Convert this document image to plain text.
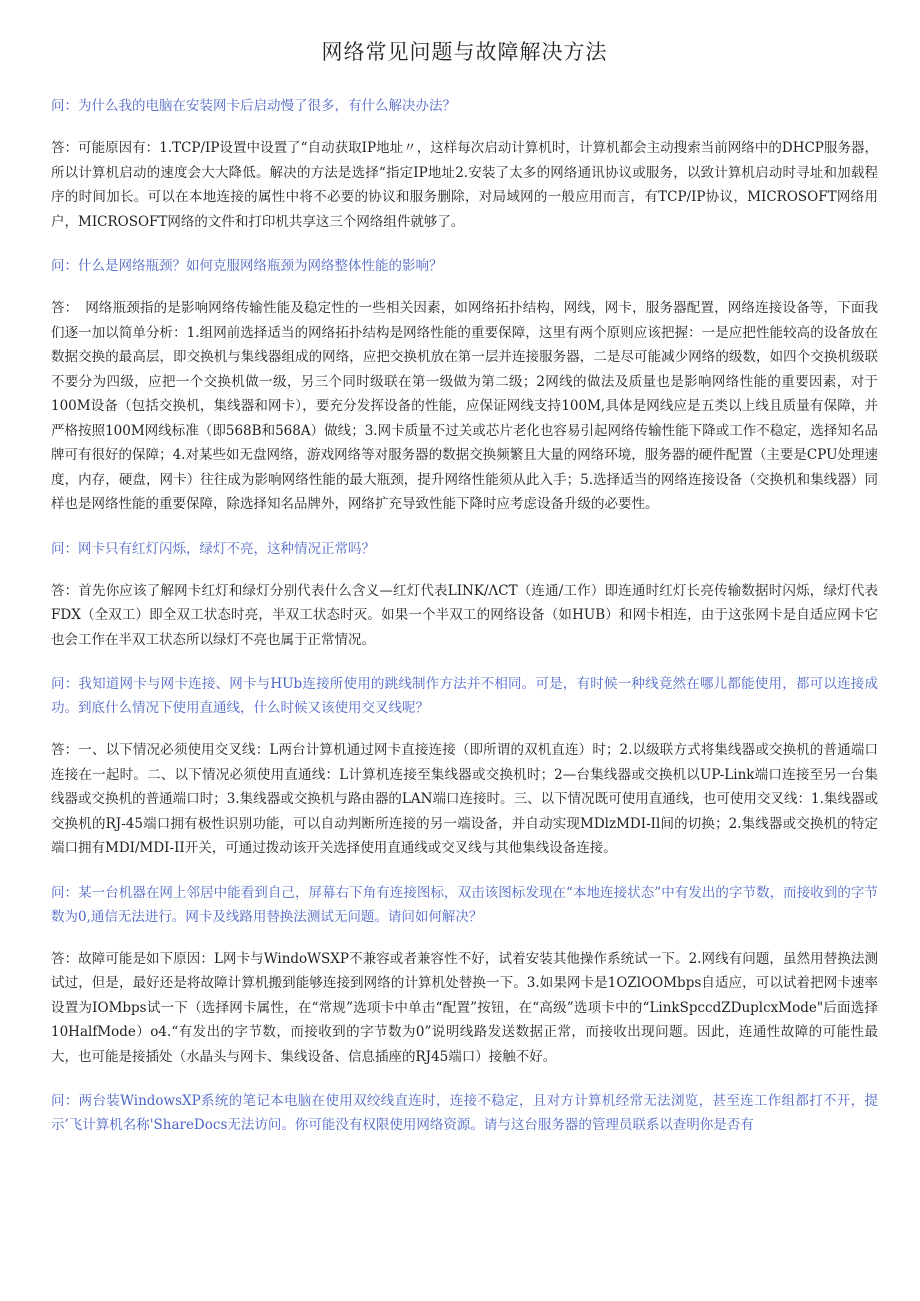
网络常见问题与故障解决方法

问：为什么我的电脑在安装网卡后启动慢了很多，有什么解决办法？

答：可能原因有：1.TCP/IP设置中设置了“自动获取IP地址〃，这样每次启动计算机时，计算机都会主动搜索当前网络中的DHCP服务器，所以计算机启动的速度会大大降低。解决的方法是选择“指定IP地址2.安装了太多的网络通讯协议或服务，以致计算机启动时寻址和加载程序的时间加长。可以在本地连接的属性中将不必要的协议和服务删除，对局域网的一般应用而言，有TCP/IP协议，MICROSOFT网络用户，MICROSOFT网络的文件和打印机共享这三个网络组件就够了。

问：什么是网络瓶颈？如何克服网络瓶颈为网络整体性能的影响？

答：　网络瓶颈指的是影响网络传输性能及稳定性的一些相关因素，如网络拓扑结构，网线，网卡，服务器配置，网络连接设备等，下面我们逐一加以简单分析：1.组网前选择适当的网络拓扑结构是网络性能的重要保障，这里有两个原则应该把握：一是应把性能较高的设备放在数据交换的最高层，即交换机与集线器组成的网络，应把交换机放在第一层并连接服务器，二是尽可能减少网络的级数，如四个交换机级联不要分为四级，应把一个交换机做一级，另三个同时级联在第一级做为第二级；2网线的做法及质量也是影响网络性能的重要因素，对于100M设备（包括交换机，集线器和网卡），要充分发挥设备的性能，应保证网线支持100M,具体是网线应是五类以上线且质量有保障，并严格按照100M网线标准（即568B和568A）做线；3.网卡质量不过关或芯片老化也容易引起网络传输性能下降或工作不稳定，选择知名品牌可有很好的保障；4.对某些如无盘网络，游戏网络等对服务器的数据交换频繁且大量的网络环境，服务器的硬件配置（主要是CPU处理速度，内存，硬盘，网卡）往往成为影响网络性能的最大瓶颈，提升网络性能须从此入手；5.选择适当的网络连接设备（交换机和集线器）同样也是网络性能的重要保障，除选择知名品牌外，网络扩充导致性能下降时应考虑设备升级的必要性。

问：网卡只有红灯闪烁，绿灯不亮，这种情况正常吗？

答：首先你应该了解网卡红灯和绿灯分别代表什么含义—红灯代表LINK/ΛCT（连通/工作）即连通时红灯长亮传输数据时闪烁，绿灯代表FDX（全双工）即全双工状态时亮，半双工状态时灭。如果一个半双工的网络设备（如HUB）和网卡相连，由于这张网卡是自适应网卡它也会工作在半双工状态所以绿灯不亮也属于正常情况。

问：我知道网卡与网卡连接、网卡与HUb连接所使用的跳线制作方法并不相同。可是，有时候一种线竟然在哪儿都能使用，都可以连接成功。到底什么情况下使用直通线，什么时候又该使用交叉线呢？

答：一、以下情况必须使用交叉线：L两台计算机通过网卡直接连接（即所谓的双机直连）时；2.以级联方式将集线器或交换机的普通端口连接在一起时。二、以下情况必须使用直通线：L计算机连接至集线器或交换机时；2—台集线器或交换机以UP-Link端口连接至另一台集线器或交换机的普通端口时；3.集线器或交换机与路由器的LAN端口连接时。三、以下情况既可使用直通线，也可使用交叉线：1.集线器或交换机的RJ-45端口拥有极性识别功能，可以自动判断所连接的另一端设备，并自动实现MDlzMDI-Il间的切换；2.集线器或交换机的特定端口拥有MDI/MDI-II开关，可通过拨动该开关选择使用直通线或交叉线与其他集线设备连接。

问：某一台机器在网上邻居中能看到自己，屏幕右下角有连接图标，双击该图标发现在“本地连接状态”中有发出的字节数，而接收到的字节数为0,通信无法进行。网卡及线路用替换法测试无问题。请问如何解决？

答：故障可能是如下原因：L网卡与WindoWSXP不兼容或者兼容性不好，试着安装其他操作系统试一下。2.网线有问题，虽然用替换法测试过，但是，最好还是将故障计算机搬到能够连接到网络的计算机处替换一下。3.如果网卡是1OZlOOMbps自适应，可以试着把网卡速率设置为IOMbps试一下（选择网卡属性，在“常规”选项卡中单击“配置”按钮，在“高级”选项卡中的“LinkSpccdZDuplcxMode"后面选择10HalfMode）o4.“有发出的字节数，而接收到的字节数为0”说明线路发送数据正常，而接收出现问题。因此，连通性故障的可能性最大，也可能是接插处（水晶头与网卡、集线设备、信息插座的RJ45端口）接触不好。

问：两台装WindowsXP系统的笔记本电脑在使用双绞线直连时，连接不稳定，且对方计算机经常无法浏览，甚至连工作组都打不开，提示’飞计算机名称'ShareDocs无法访问。你可能没有权限使用网络资源。请与这台服务器的管理员联系以查明你是否有
